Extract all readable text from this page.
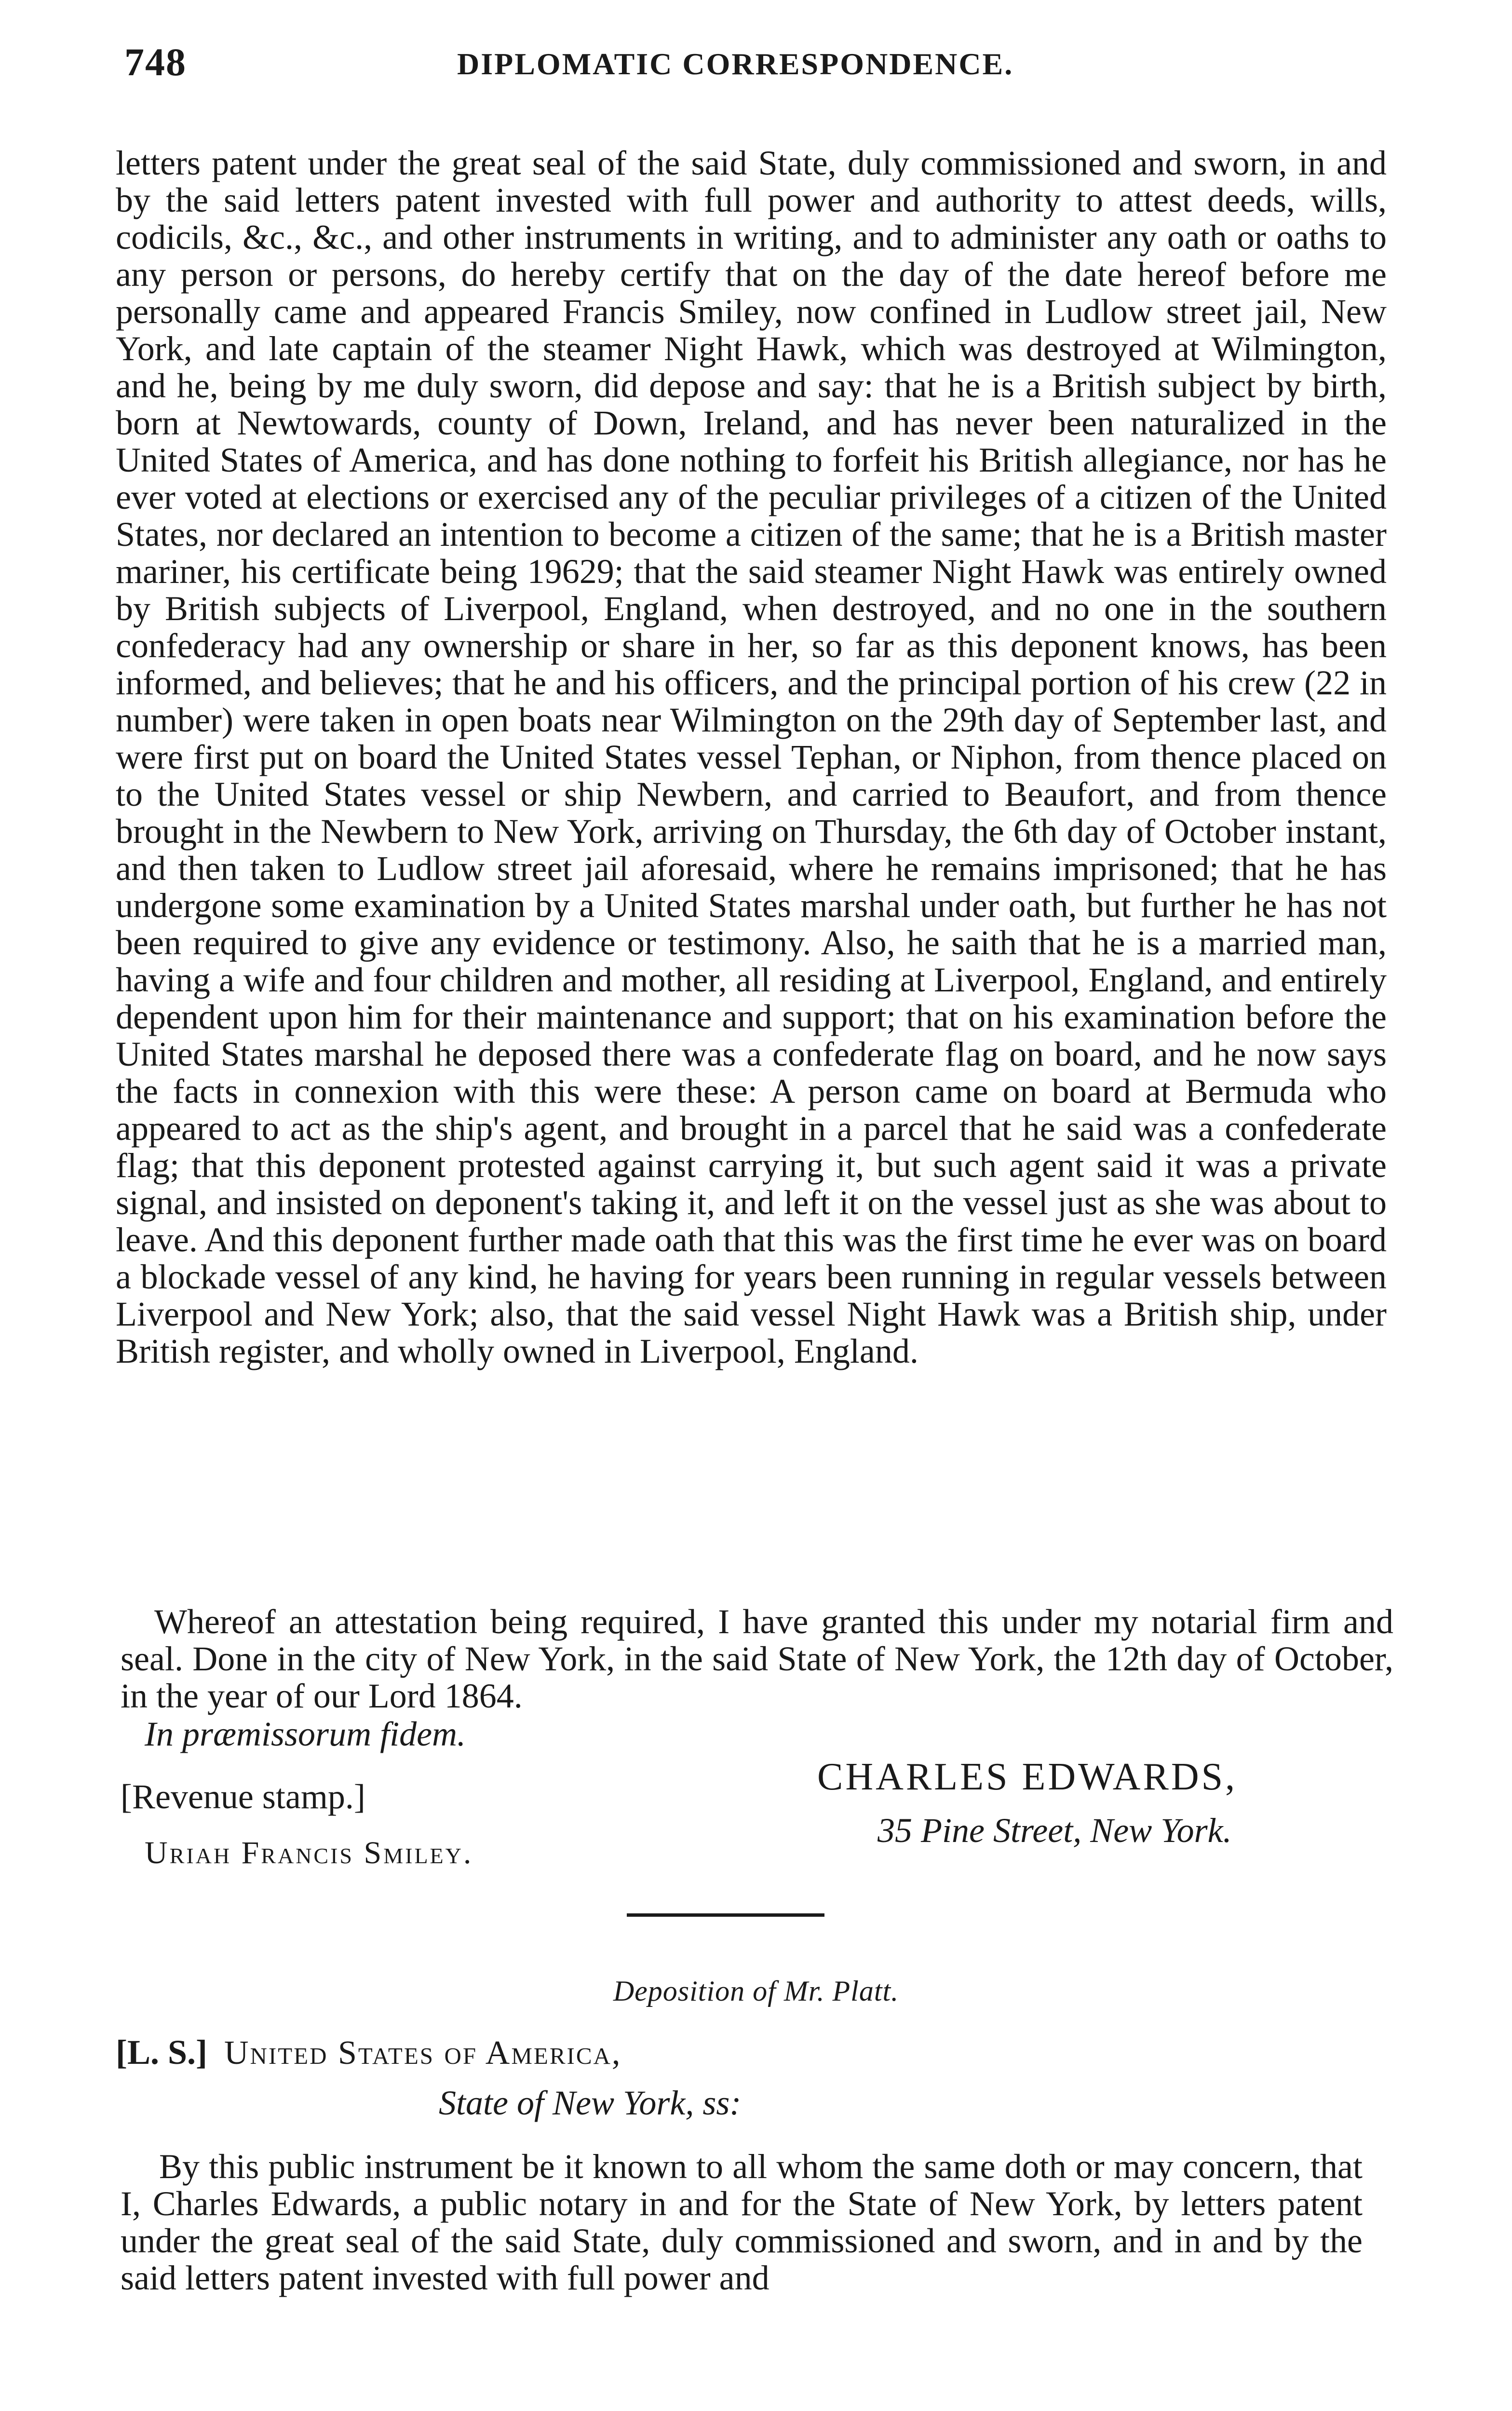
748	DIPLOMATIC CORRESPONDENCE.

letters patent under the great seal of the said State, duly commissioned and sworn, in and by the said letters patent invested with full power and authority to attest deeds, wills, codicils, &c., &c., and other instruments in writing, and to administer any oath or oaths to any person or persons, do hereby certify that on the day of the date hereof before me personally came and appeared Francis Smiley, now confined in Ludlow street jail, New York, and late captain of the steamer Night Hawk, which was destroyed at Wilmington, and he, being by me duly sworn, did depose and say: that he is a British subject by birth, born at Newtowards, county of Down, Ireland, and has never been naturalized in the United States of America, and has done nothing to forfeit his British allegiance, nor has he ever voted at elections or exercised any of the peculiar privileges of a citizen of the United States, nor declared an intention to become a citizen of the same; that he is a British master mariner, his certificate being 19629; that the said steamer Night Hawk was entirely owned by British subjects of Liverpool, England, when destroyed, and no one in the southern confederacy had any ownership or share in her, so far as this deponent knows, has been informed, and believes; that he and his officers, and the principal portion of his crew (22 in number) were taken in open boats near Wilmington on the 29th day of September last, and were first put on board the United States vessel Tephan, or Niphon, from thence placed on to the United States vessel or ship Newbern, and carried to Beaufort, and from thence brought in the Newbern to New York, arriving on Thursday, the 6th day of October instant, and then taken to Ludlow street jail aforesaid, where he remains imprisoned; that he has undergone some examination by a United States marshal under oath, but further he has not been required to give any evidence or testimony. Also, he saith that he is a married man, having a wife and four children and mother, all residing at Liverpool, England, and entirely dependent upon him for their maintenance and support; that on his examination before the United States marshal he deposed there was a confederate flag on board, and he now says the facts in connexion with this were these: A person came on board at Bermuda who appeared to act as the ship's agent, and brought in a parcel that he said was a confederate flag; that this deponent protested against carrying it, but such agent said it was a private signal, and insisted on deponent's taking it, and left it on the vessel just as she was about to leave. And this deponent further made oath that this was the first time he ever was on board a blockade vessel of any kind, he having for years been running in regular vessels between Liverpool and New York; also, that the said vessel Night Hawk was a British ship, under British register, and wholly owned in Liverpool, England.

Whereof an attestation being required, I have granted this under my notarial firm and seal. Done in the city of New York, in the said State of New York, the 12th day of October, in the year of our Lord 1864.

In præmissorum fidem.
[Revenue stamp.]
Uriah Francis Smiley.
CHARLES EDWARDS,
35 Pine Street, New York.
Deposition of Mr. Platt.
[L. S.] United States of America,
State of New York, ss:

By this public instrument be it known to all whom the same doth or may concern, that I, Charles Edwards, a public notary in and for the State of New York, by letters patent under the great seal of the said State, duly commissioned and sworn, and in and by the said letters patent invested with full power and
